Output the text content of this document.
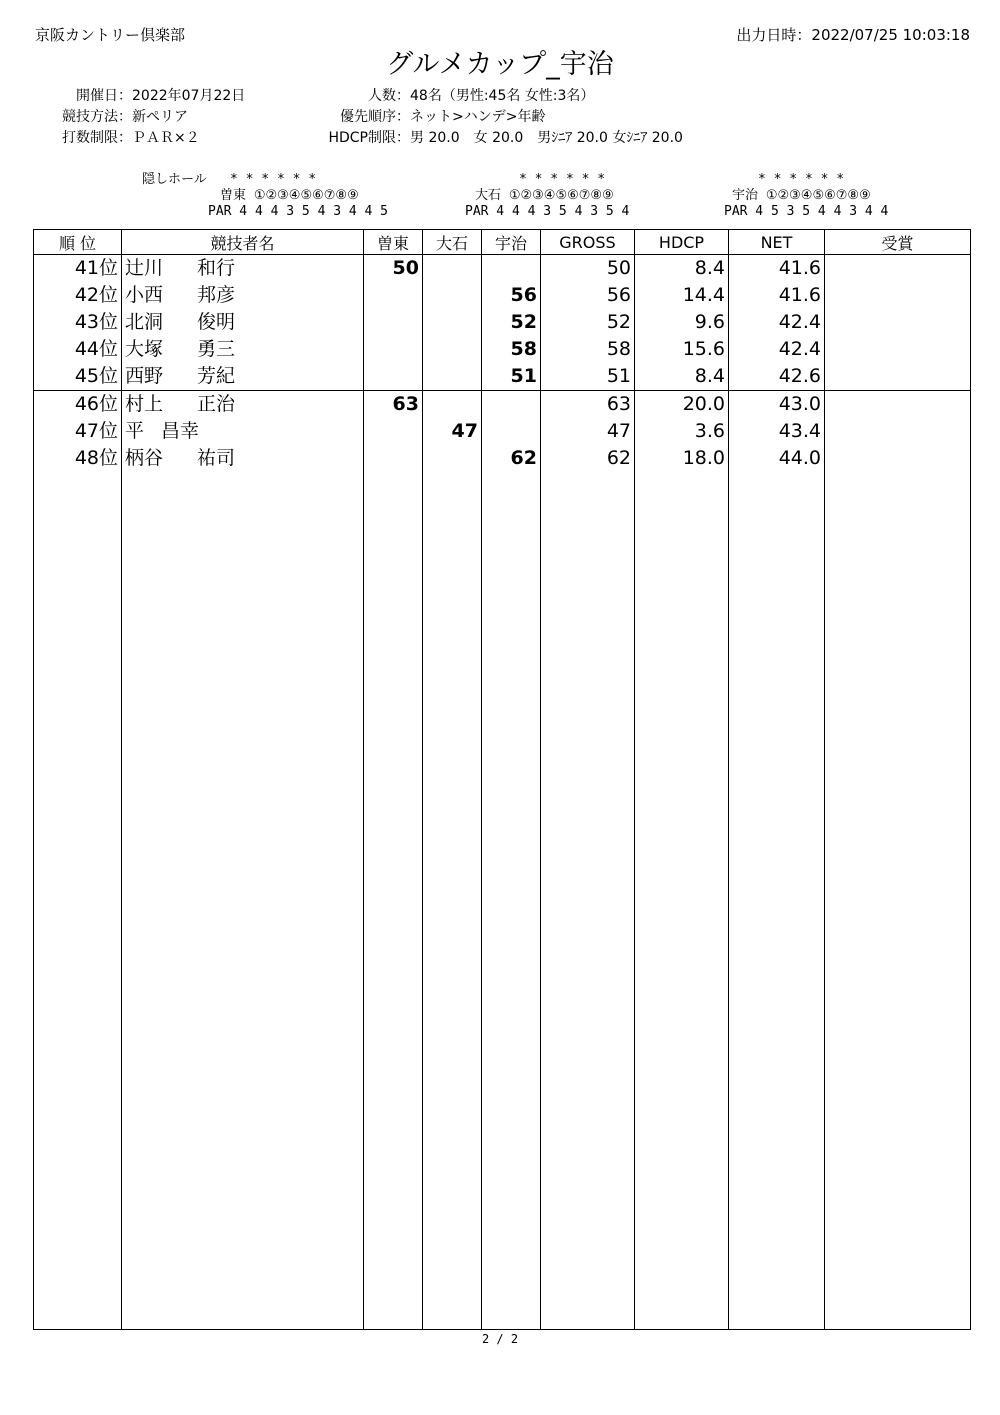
京阪カントリー倶楽部	出力日時：2022/07/25 10:03:18
グルメカップ_宇治
開催日：2022年07月22日
競技方法：新ペリア
打数制限：ＰＡＲ×２
人数：48名（男性:45名 女性:3名）
優先順序：ネット>ハンデ>年齢
HDCP制限：男 20.0　女 20.0　男ｼﾆｱ 20.0 女ｼﾆｱ 20.0
隠しホール	* * * * * *
曽東 ①②③④⑤⑥⑦⑧⑨
PAR 4 4 4 3 5 4 3 4 4 5
* * * * * *
大石 ①②③④⑤⑥⑦⑧⑨
PAR 4 4 4 3 5 4 3 5 4
* * * * * *
宇治 ①②③④⑤⑥⑦⑧⑨
PAR 4 5 3 5 4 4 3 4 4
順 位	競技者名	曽東	大石	宇治	GROSS	HDCP	NET	受賞
41位	辻川 和行	50			50	8.4	41.6	
42位	小西 邦彦			56	56	14.4	41.6	
43位	北洞 俊明			52	52	9.6	42.4	
44位	大塚 勇三			58	58	15.6	42.4	
45位	西野 芳紀			51	51	8.4	42.6	
46位	村上 正治	63			63	20.0	43.0	
47位	平 昌幸		47		47	3.6	43.4	
48位	柄谷 祐司			62	62	18.0	44.0	

2 / 2
